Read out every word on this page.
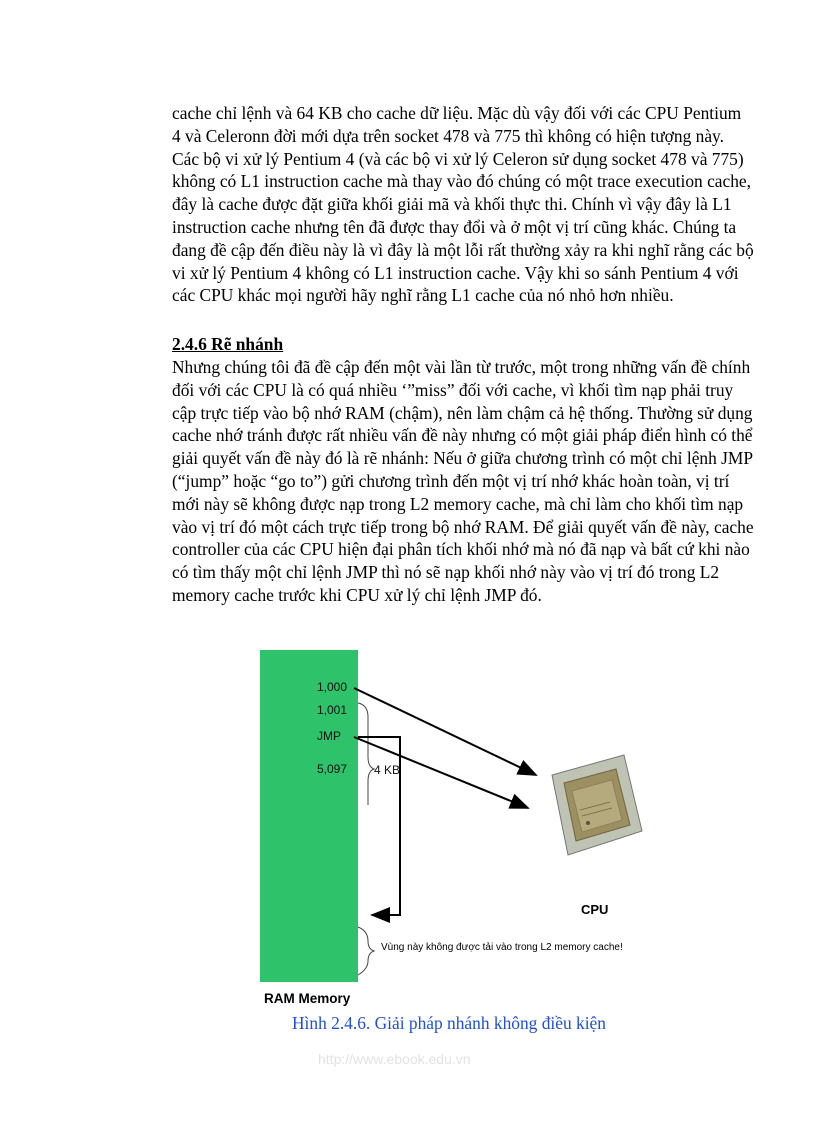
cache chỉ lệnh và 64 KB cho cache dữ liệu. Mặc dù vậy đối với các CPU Pentium 4 và Celeronn đời mới dựa trên socket 478 và 775 thì không có hiện tượng này. Các bộ vi xử lý Pentium 4 (và các bộ vi xử lý Celeron sử dụng socket 478 và 775) không có L1 instruction cache mà thay vào đó chúng có một trace execution cache, đây là cache được đặt giữa khối giải mã và khối thực thi. Chính vì vậy đây là L1 instruction cache nhưng tên đã được thay đổi và ở một vị trí cũng khác. Chúng ta đang đề cập đến điều này là vì đây là một lỗi rất thường xảy ra khi nghĩ rằng các bộ vi xử lý Pentium 4 không có L1 instruction cache. Vậy khi so sánh Pentium 4 với các CPU khác mọi người hãy nghĩ rằng L1 cache của nó nhỏ hơn nhiều.

2.4.6 Rẽ nhánh

Nhưng chúng tôi đã đề cập đến một vài lần từ trước, một trong những vấn đề chính đối với các CPU là có quá nhiều ‘”miss” đối với cache, vì khối tìm nạp phải truy cập trực tiếp vào bộ nhớ RAM (chậm), nên làm chậm cả hệ thống. Thường sử dụng cache nhớ tránh được rất nhiều vấn đề này nhưng có một giải pháp điển hình có thể giải quyết vấn đề này đó là rẽ nhánh: Nếu ở giữa chương trình có một chỉ lệnh JMP (“jump” hoặc “go to”) gửi chương trình đến một vị trí nhớ khác hoàn toàn, vị trí mới này sẽ không được nạp trong L2 memory cache, mà chỉ làm cho khối tìm nạp vào vị trí đó một cách trực tiếp trong bộ nhớ RAM. Để giải quyết vấn đề này, cache controller của các CPU hiện đại phân tích khối nhớ mà nó đã nạp và bất cứ khi nào có tìm thấy một chỉ lệnh JMP thì nó sẽ nạp khối nhớ này vào vị trí đó trong L2 memory cache trước khi CPU xử lý chỉ lệnh JMP đó.

1,000
1,001
JMP
5,097 4 KB
CPU
Vùng này không được tải vào trong L2 memory cache!
RAM Memory

Hình 2.4.6. Giải pháp nhánh không điều kiện

http://www.ebook.edu.vn
